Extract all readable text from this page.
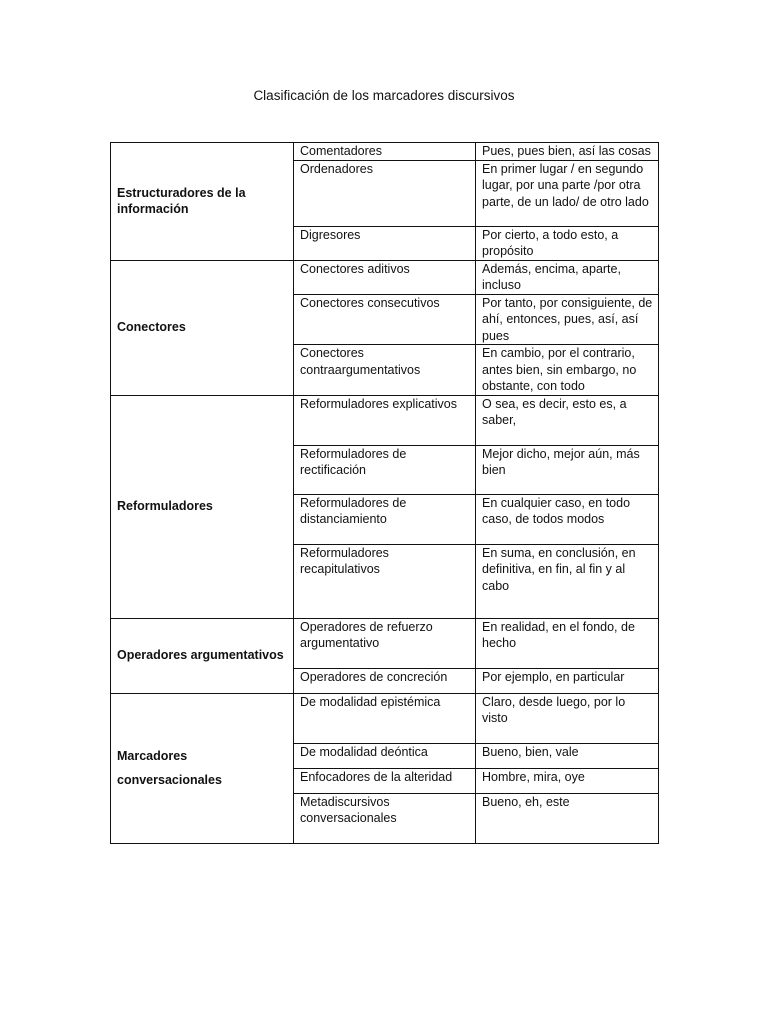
Clasificación de los marcadores discursivos
Estructuradores de la información	Comentadores	Pues, pues bien, así las cosas
	Ordenadores	En primer lugar / en segundo lugar, por una parte /por otra parte, de un lado/ de otro lado
	Digresores	Por cierto, a todo esto, a propósito
Conectores	Conectores aditivos	Además, encima, aparte, incluso
	Conectores consecutivos	Por tanto, por consiguiente, de ahí, entonces, pues, así, así pues
	Conectores contraargumentativos	En cambio, por el contrario, antes bien, sin embargo, no obstante, con todo
Reformuladores	Reformuladores explicativos	O sea, es decir, esto es, a saber,
	Reformuladores de rectificación	Mejor dicho, mejor aún, más bien
	Reformuladores de distanciamiento	En cualquier caso, en todo caso, de todos modos
	Reformuladores recapitulativos	En suma, en conclusión, en definitiva, en fin, al fin y al cabo
Operadores argumentativos	Operadores de refuerzo argumentativo	En realidad, en el fondo, de hecho
	Operadores de concreción	Por ejemplo, en particular
Marcadores conversacionales	De modalidad epistémica	Claro, desde luego, por lo visto
	De modalidad deóntica	Bueno, bien, vale
	Enfocadores de la alteridad	Hombre, mira, oye
	Metadiscursivos conversacionales	Bueno, eh, este
